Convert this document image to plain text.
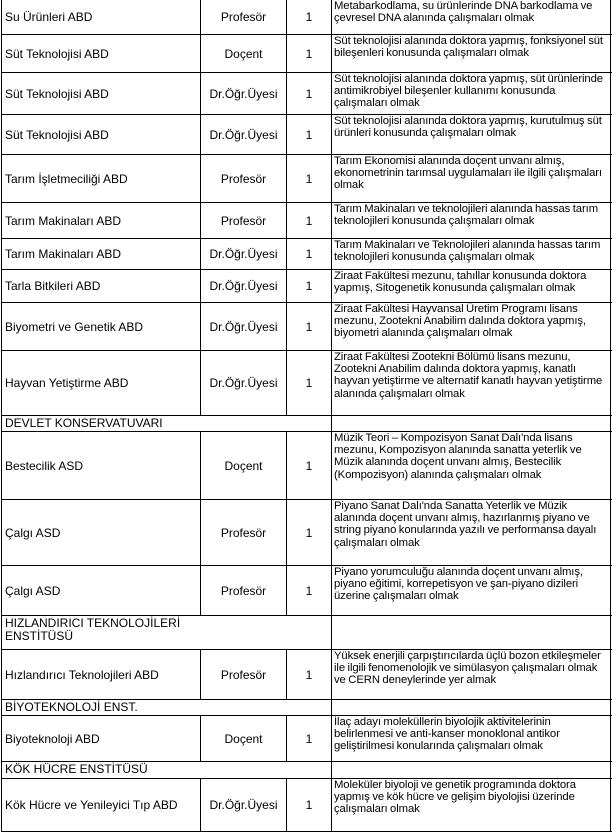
Su Ürünleri ABD	Profesör	1
Metabarkodlama, su ürünlerinde DNA barkodlama ve
çevresel DNA alanında çalışmaları olmak
Süt Teknolojisi ABD	Doçent	1
Süt teknolojisi alanında doktora yapmış, fonksiyonel süt
bileşenleri konusunda çalışmaları olmak
Süt Teknolojisi ABD	Dr.Öğr.Üyesi	1
Süt teknolojisi alanında doktora yapmış, süt ürünlerinde
antimikrobiyel bileşenler kullanımı konusunda
çalışmaları olmak
Süt Teknolojisi ABD	Dr.Öğr.Üyesi	1
Süt teknolojisi alanında doktora yapmış, kurutulmuş süt
ürünleri konusunda çalışmaları olmak
Tarım İşletmeciliği ABD	Profesör	1
Tarım Ekonomisi alanında doçent unvanı almış,
ekonometrinin tarımsal uygulamaları ile ilgili çalışmaları
olmak
Tarım Makinaları ABD	Profesör	1
Tarım Makinaları ve teknolojileri alanında hassas tarım
teknolojileri konusunda çalışmaları olmak
Tarım Makinaları ABD	Dr.Öğr.Üyesi	1
Tarım Makinaları ve Teknolojileri alanında hassas tarım
teknolojileri konusunda çalışmaları olmak
Tarla Bitkileri ABD	Dr.Öğr.Üyesi	1
Ziraat Fakültesi mezunu, tahıllar konusunda doktora
yapmış, Sitogenetik konusunda çalışmaları olmak
Biyometri ve Genetik ABD	Dr.Öğr.Üyesi	1
Ziraat Fakültesi Hayvansal Üretim Programı lisans
mezunu, Zootekni Anabilim dalında doktora yapmış,
biyometri alanında çalışmaları olmak
Hayvan Yetiştirme ABD	Dr.Öğr.Üyesi	1
Ziraat Fakültesi Zootekni Bölümü lisans mezunu,
Zootekni Anabilim dalında doktora yapmış, kanatlı
hayvan yetiştirme ve alternatif kanatlı hayvan yetiştirme
alanında çalışmaları olmak
DEVLET KONSERVATUVARI
Bestecilik ASD	Doçent	1
Müzik Teori – Kompozisyon Sanat Dalı'nda lisans
mezunu, Kompozisyon alanında sanatta yeterlik ve
Müzik alanında doçent unvanı almış, Bestecilik
(Kompozisyon) alanında çalışmaları olmak
Çalgı ASD	Profesör	1
Piyano Sanat Dalı'nda Sanatta Yeterlik ve Müzik
alanında doçent unvanı almış, hazırlanmış piyano ve
string piyano konularında yazılı ve performansa dayalı
çalışmaları olmak
Çalgı ASD	Profesör	1
Piyano yorumculuğu alanında doçent unvanı almış,
piyano eğitimi, korrepetisyon ve şan-piyano dizileri
üzerine çalışmaları olmak
HIZLANDIRICI TEKNOLOJİLERİ
ENSTİTÜSÜ
Hızlandırıcı Teknolojileri ABD	Profesör	1
Yüksek enerjili çarpıştırıcılarda üçlü bozon etkileşmeler
ile ilgili fenomenolojik ve simülasyon çalışmaları olmak
ve CERN deneylerinde yer almak
BİYOTEKNOLOJİ ENST.
Biyoteknoloji ABD	Doçent	1
İlaç adayı moleküllerin biyolojik aktivitelerinin
belirlenmesi ve anti-kanser monoklonal antikor
geliştirilmesi konularında çalışmaları olmak
KÖK HÜCRE ENSTİTÜSÜ
Kök Hücre ve Yenileyici Tıp ABD	Dr.Öğr.Üyesi	1
Moleküler biyoloji ve genetik programında doktora
yapmış ve kök hücre ve gelişim biyolojisi üzerinde
çalışmaları olmak
